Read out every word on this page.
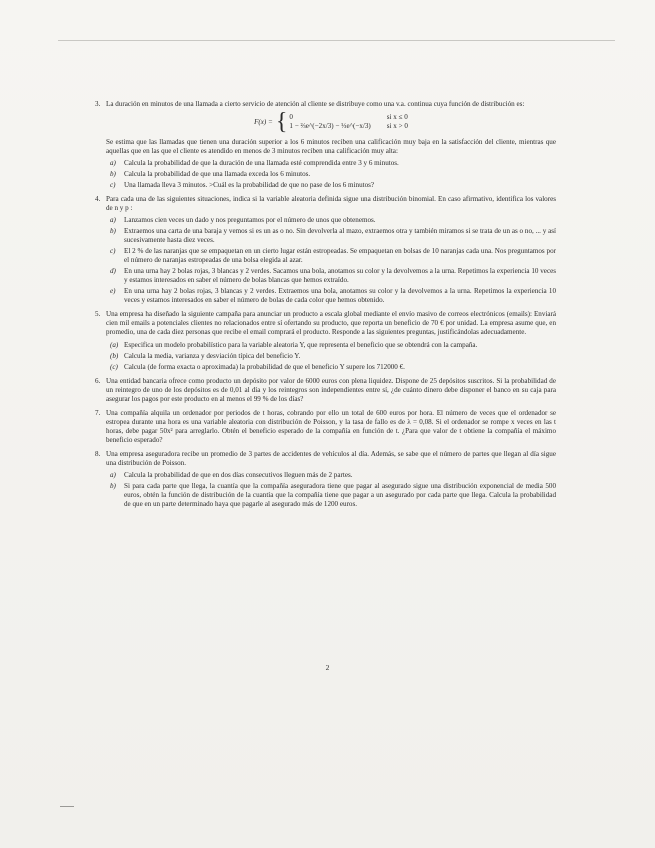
3. La duración en minutos de una llamada a cierto servicio de atención al cliente se distribuye como una v.a. continua cuya función de distribución es:

F(x) = { 0	si x ≤ 0
1 − ⅔e^(−2x/3) − ⅓e^(−x/3)	si x > 0

Se estima que las llamadas que tienen una duración superior a los 6 minutos reciben una calificación muy baja en la satisfacción del cliente, mientras que aquellas que en las que el cliente es atendido en menos de 3 minutos reciben una calificación muy alta:

a) Calcula la probabilidad de que la duración de una llamada esté comprendida entre 3 y 6 minutos.
b) Calcula la probabilidad de que una llamada exceda los 6 minutos.
c) Una llamada lleva 3 minutos. >Cuál es la probabilidad de que no pase de los 6 minutos?
4. Para cada una de las siguientes situaciones, indica si la variable aleatoria definida sigue una distribución binomial. En caso afirmativo, identifica los valores de n y p :

a) Lanzamos cien veces un dado y nos preguntamos por el número de unos que obtenemos.
b) Extraemos una carta de una baraja y vemos si es un as o no. Sin devolverla al mazo, extraemos otra y también miramos si se trata de un as o no, ... y así sucesivamente hasta diez veces.
c) El 2 % de las naranjas que se empaquetan en un cierto lugar están estropeadas. Se empaquetan en bolsas de 10 naranjas cada una. Nos preguntamos por el número de naranjas estropeadas de una bolsa elegida al azar.
d) En una urna hay 2 bolas rojas, 3 blancas y 2 verdes. Sacamos una bola, anotamos su color y la devolvemos a la urna. Repetimos la experiencia 10 veces y estamos interesados en saber el número de bolas blancas que hemos extraído.
e) En una urna hay 2 bolas rojas, 3 blancas y 2 verdes. Extraemos una bola, anotamos su color y la devolvemos a la urna. Repetimos la experiencia 10 veces y estamos interesados en saber el número de bolas de cada color que hemos obtenido.
5. Una empresa ha diseñado la siguiente campaña para anunciar un producto a escala global mediante el envío masivo de correos electrónicos (emails): Enviará cien mil emails a potenciales clientes no relacionados entre sí ofertando su producto, que reporta un beneficio de 70 € por unidad. La empresa asume que, en promedio, una de cada diez personas que recibe el email comprará el producto. Responde a las siguientes preguntas, justificándolas adecuadamente.

(a) Especifica un modelo probabilístico para la variable aleatoria Y, que representa el beneficio que se obtendrá con la campaña.
(b) Calcula la media, varianza y desviación típica del beneficio Y.
(c) Calcula (de forma exacta o aproximada) la probabilidad de que el beneficio Y supere los 712000 €.
6. Una entidad bancaria ofrece como producto un depósito por valor de 6000 euros con plena liquidez. Dispone de 25 depósitos suscritos. Si la probabilidad de un reintegro de uno de los depósitos es de 0,01 al día y los reintegros son independientes entre sí, ¿de cuánto dinero debe disponer el banco en su caja para asegurar los pagos por este producto en al menos el 99 % de los días?

7. Una compañía alquila un ordenador por periodos de t horas, cobrando por ello un total de 600 euros por hora. El número de veces que el ordenador se estropea durante una hora es una variable aleatoria con distribución de Poisson, y la tasa de fallo es de λ = 0,08. Si el ordenador se rompe x veces en las t horas, debe pagar 50x² para arreglarlo. Obtén el beneficio esperado de la compañía en función de t. ¿Para que valor de t obtiene la compañía el máximo beneficio esperado?

8. Una empresa aseguradora recibe un promedio de 3 partes de accidentes de vehículos al día. Además, se sabe que el número de partes que llegan al día sigue una distribución de Poisson.

a) Calcula la probabilidad de que en dos días consecutivos lleguen más de 2 partes.
b) Si para cada parte que llega, la cuantía que la compañía aseguradora tiene que pagar al asegurado sigue una distribución exponencial de media 500 euros, obtén la función de distribución de la cuantía que la compañía tiene que pagar a un asegurado por cada parte que llega. Calcula la probabilidad de que en un parte determinado haya que pagarle al asegurado más de 1200 euros.
2
